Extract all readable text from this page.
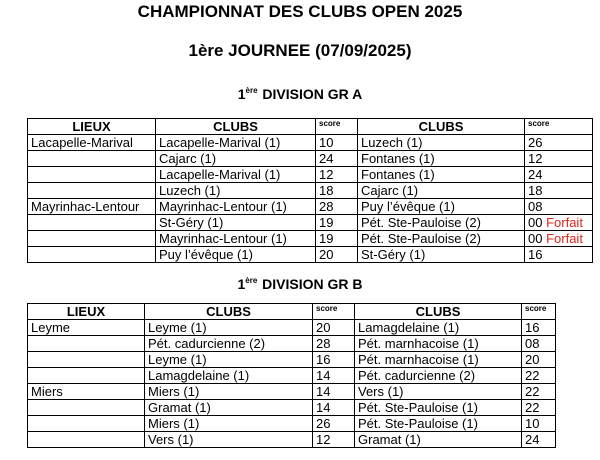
CHAMPIONNAT DES CLUBS OPEN 2025
1ère JOURNEE (07/09/2025)
1ère DIVISION GR A
LIEUX	CLUBS	score	CLUBS	score
Lacapelle-Marival	Lacapelle-Marival (1)	10	Luzech (1)	26
	Cajarc (1)	24	Fontanes (1)	12
	Lacapelle-Marival (1)	12	Fontanes (1)	24
	Luzech (1)	18	Cajarc (1)	18
Mayrinhac-Lentour	Mayrinhac-Lentour (1)	28	Puy l’évêque (1)	08
	St-Géry (1)	19	Pét. Ste-Pauloise (2)	00 Forfait
	Mayrinhac-Lentour (1)	19	Pét. Ste-Pauloise (2)	00 Forfait
	Puy l’évêque (1)	20	St-Géry (1)	16
1ère DIVISION GR B
LIEUX	CLUBS	score	CLUBS	score
Leyme	Leyme (1)	20	Lamagdelaine (1)	16
	Pét. cadurcienne (2)	28	Pét. marnhacoise (1)	08
	Leyme (1)	16	Pét. marnhacoise (1)	20
	Lamagdelaine (1)	14	Pét. cadurcienne (2)	22
Miers	Miers (1)	14	Vers (1)	22
	Gramat (1)	14	Pét. Ste-Pauloise (1)	22
	Miers (1)	26	Pét. Ste-Pauloise (1)	10
	Vers (1)	12	Gramat (1)	24
